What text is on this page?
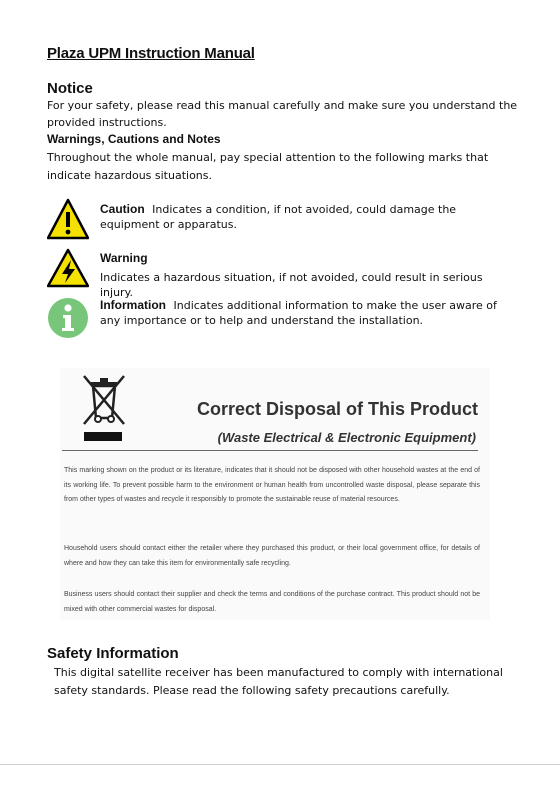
Plaza UPM Instruction Manual
Notice
For your safety, please read this manual carefully and make sure you understand the provided instructions.
Warnings, Cautions and Notes
Throughout the whole manual, pay special attention to the following marks that indicate hazardous situations.
Caution Indicates a condition, if not avoided, could damage the equipment or apparatus.
Warning
Indicates a hazardous situation, if not avoided, could result in serious injury.
Information Indicates additional information to make the user aware of any importance or to help and understand the installation.
Correct Disposal of This Product
(Waste Electrical & Electronic Equipment)
This marking shown on the product or its literature, indicates that it should not be disposed with other household wastes at the end of its working life. To prevent possible harm to the environment or human health from uncontrolled waste disposal, please separate this from other types of wastes and recycle it responsibly to promote the sustainable reuse of material resources.
Household users should contact either the retailer where they purchased this product, or their local government office, for details of where and how they can take this item for environmentally safe recycling.
Business users should contact their supplier and check the terms and conditions of the purchase contract. This product should not be mixed with other commercial wastes for disposal.
Safety Information
This digital satellite receiver has been manufactured to comply with international safety standards. Please read the following safety precautions carefully.
